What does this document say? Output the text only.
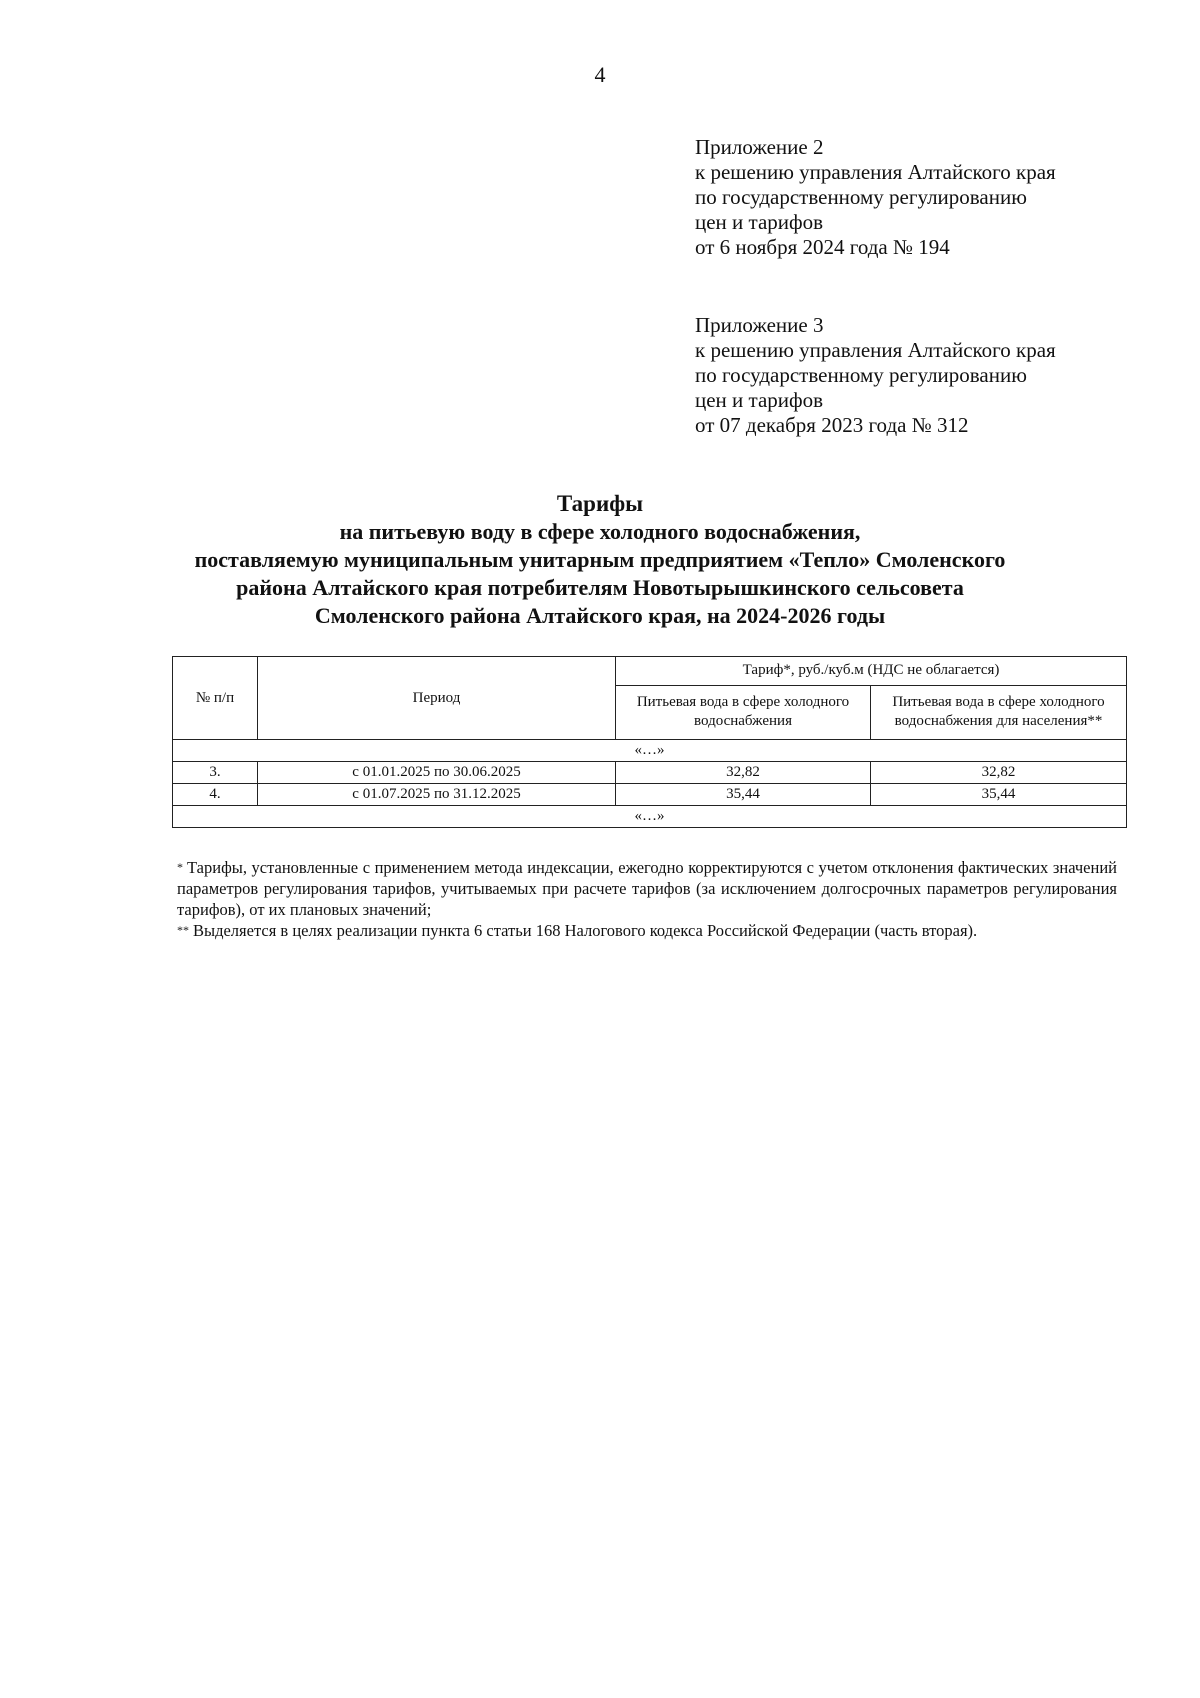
4
Приложение 2
к решению управления Алтайского края
по государственному регулированию
цен и тарифов
от 6 ноября 2024 года № 194
Приложение 3
к решению управления Алтайского края
по государственному регулированию
цен и тарифов
от 07 декабря 2023 года № 312
Тарифы
на питьевую воду в сфере холодного водоснабжения,
поставляемую муниципальным унитарным предприятием «Тепло» Смоленского
района Алтайского края потребителям Новотырышкинского сельсовета
Смоленского района Алтайского края, на 2024-2026 годы
№ п/п	Период	Тариф*, руб./куб.м (НДС не облагается)	
		Питьевая вода в сфере холодного водоснабжения	Питьевая вода в сфере холодного водоснабжения для населения**
«…»			
3.	с 01.01.2025 по 30.06.2025	32,82	32,82
4.	с 01.07.2025 по 31.12.2025	35,44	35,44
«…»			

* Тарифы, установленные с применением метода индексации, ежегодно корректируются с учетом отклонения фактических значений параметров регулирования тарифов, учитываемых при расчете тарифов (за исключением долгосрочных параметров регулирования тарифов), от их плановых значений;

** Выделяется в целях реализации пункта 6 статьи 168 Налогового кодекса Российской Федерации (часть вторая).
